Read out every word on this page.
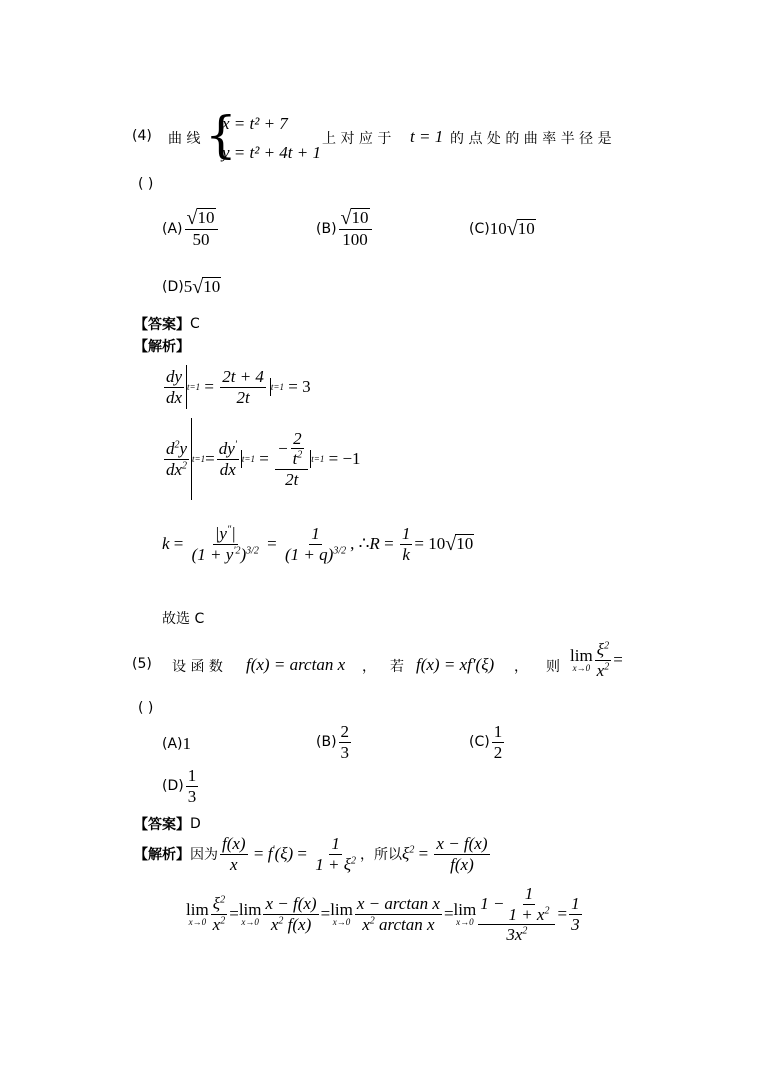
(4) 曲 线 {
x = t² + 7
y = t² + 4t + 1
上 对 应 于 t = 1 的 点 处 的 曲 率 半 径 是
( )
$(A) \frac{√ 10}{50}$	$(B) \frac{√ 10}{100}$	(C) 10 √ 10
(D) 5 √ 10
【答案】 C
【解析】
$\frac{dy}{dx} t=1 = \frac{2t + 4}{2t} t=1 = 3$
$\frac{d^2y}{dx^2} t=1 = \frac{dy'}{dx} t=1 = \frac{- \frac{2}{t^2}}{2t} t=1 = -1$
$k = \frac{|y^"|}{(1 + y^{'2})^{3/2}} = \frac{1}{(1 + q)^{3/2}}$ , ∴ $R = \frac{1}{k} = 10$ √ 10
故选 C
(5) 设 函 数 f(x) = arctan x ， 若 f(x) = xf′(ξ) ， 则
lim
$x\to 0 \frac{\xi^2}{x^2}$ =
( )
(A) 1	$(B) \frac{2}{3}$	$(C) \frac{1}{2}$
$(D) \frac{1}{3}$
【答案】 D
【解析】 因为 $\frac{f(x)}{x} = f'(\xi) = \frac{1}{1 + \xi^2}$ ，所以 $\xi^2 = \frac{x - f(x)}{f(x)}$
lim
$x\to 0 \frac{\xi^2}{x^2} = \lim$
$x\to 0 \frac{x - f(x)}{x^2 f(x)} = \lim$
$x\to 0 \frac{\text{x − arctan x}}{x^2 \arctan x} = \lim$
$x\to 0 \frac{1 - \frac{1}{1 + x^2}}{3x^2} = \frac{1}{3}$
